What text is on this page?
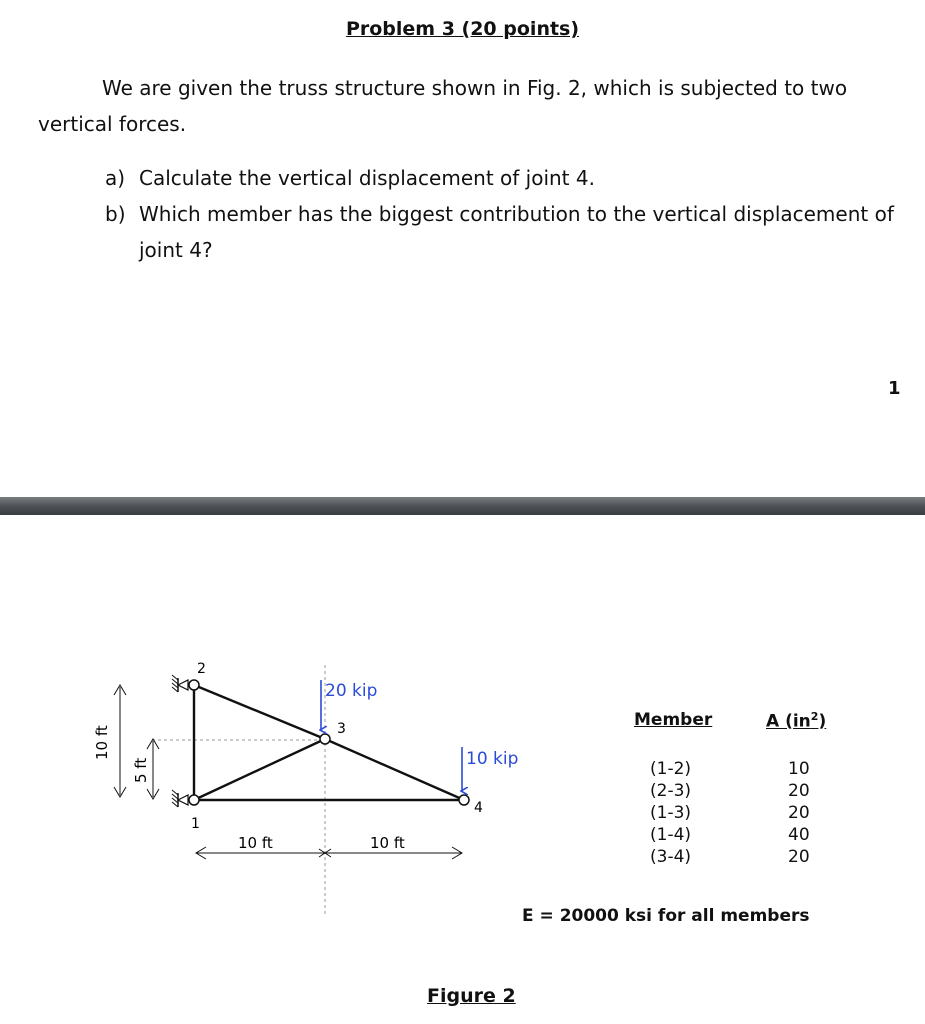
Problem 3 (20 points)

We are given the truss structure shown in Fig. 2, which is subjected to two vertical forces.

a) Calculate the vertical displacement of joint 4.
b) Which member has the biggest contribution to the vertical displacement of joint 4?
1
2
1
3
4
20 kip
10 kip
10 ft
5 ft
10 ft	10 ft
Member	A $(in^2)$
(1-2)
(2-3)
(1-3)
(1-4)
(3-4)
10
20
20
40
20
E = 20000 ksi for all members
Figure 2
